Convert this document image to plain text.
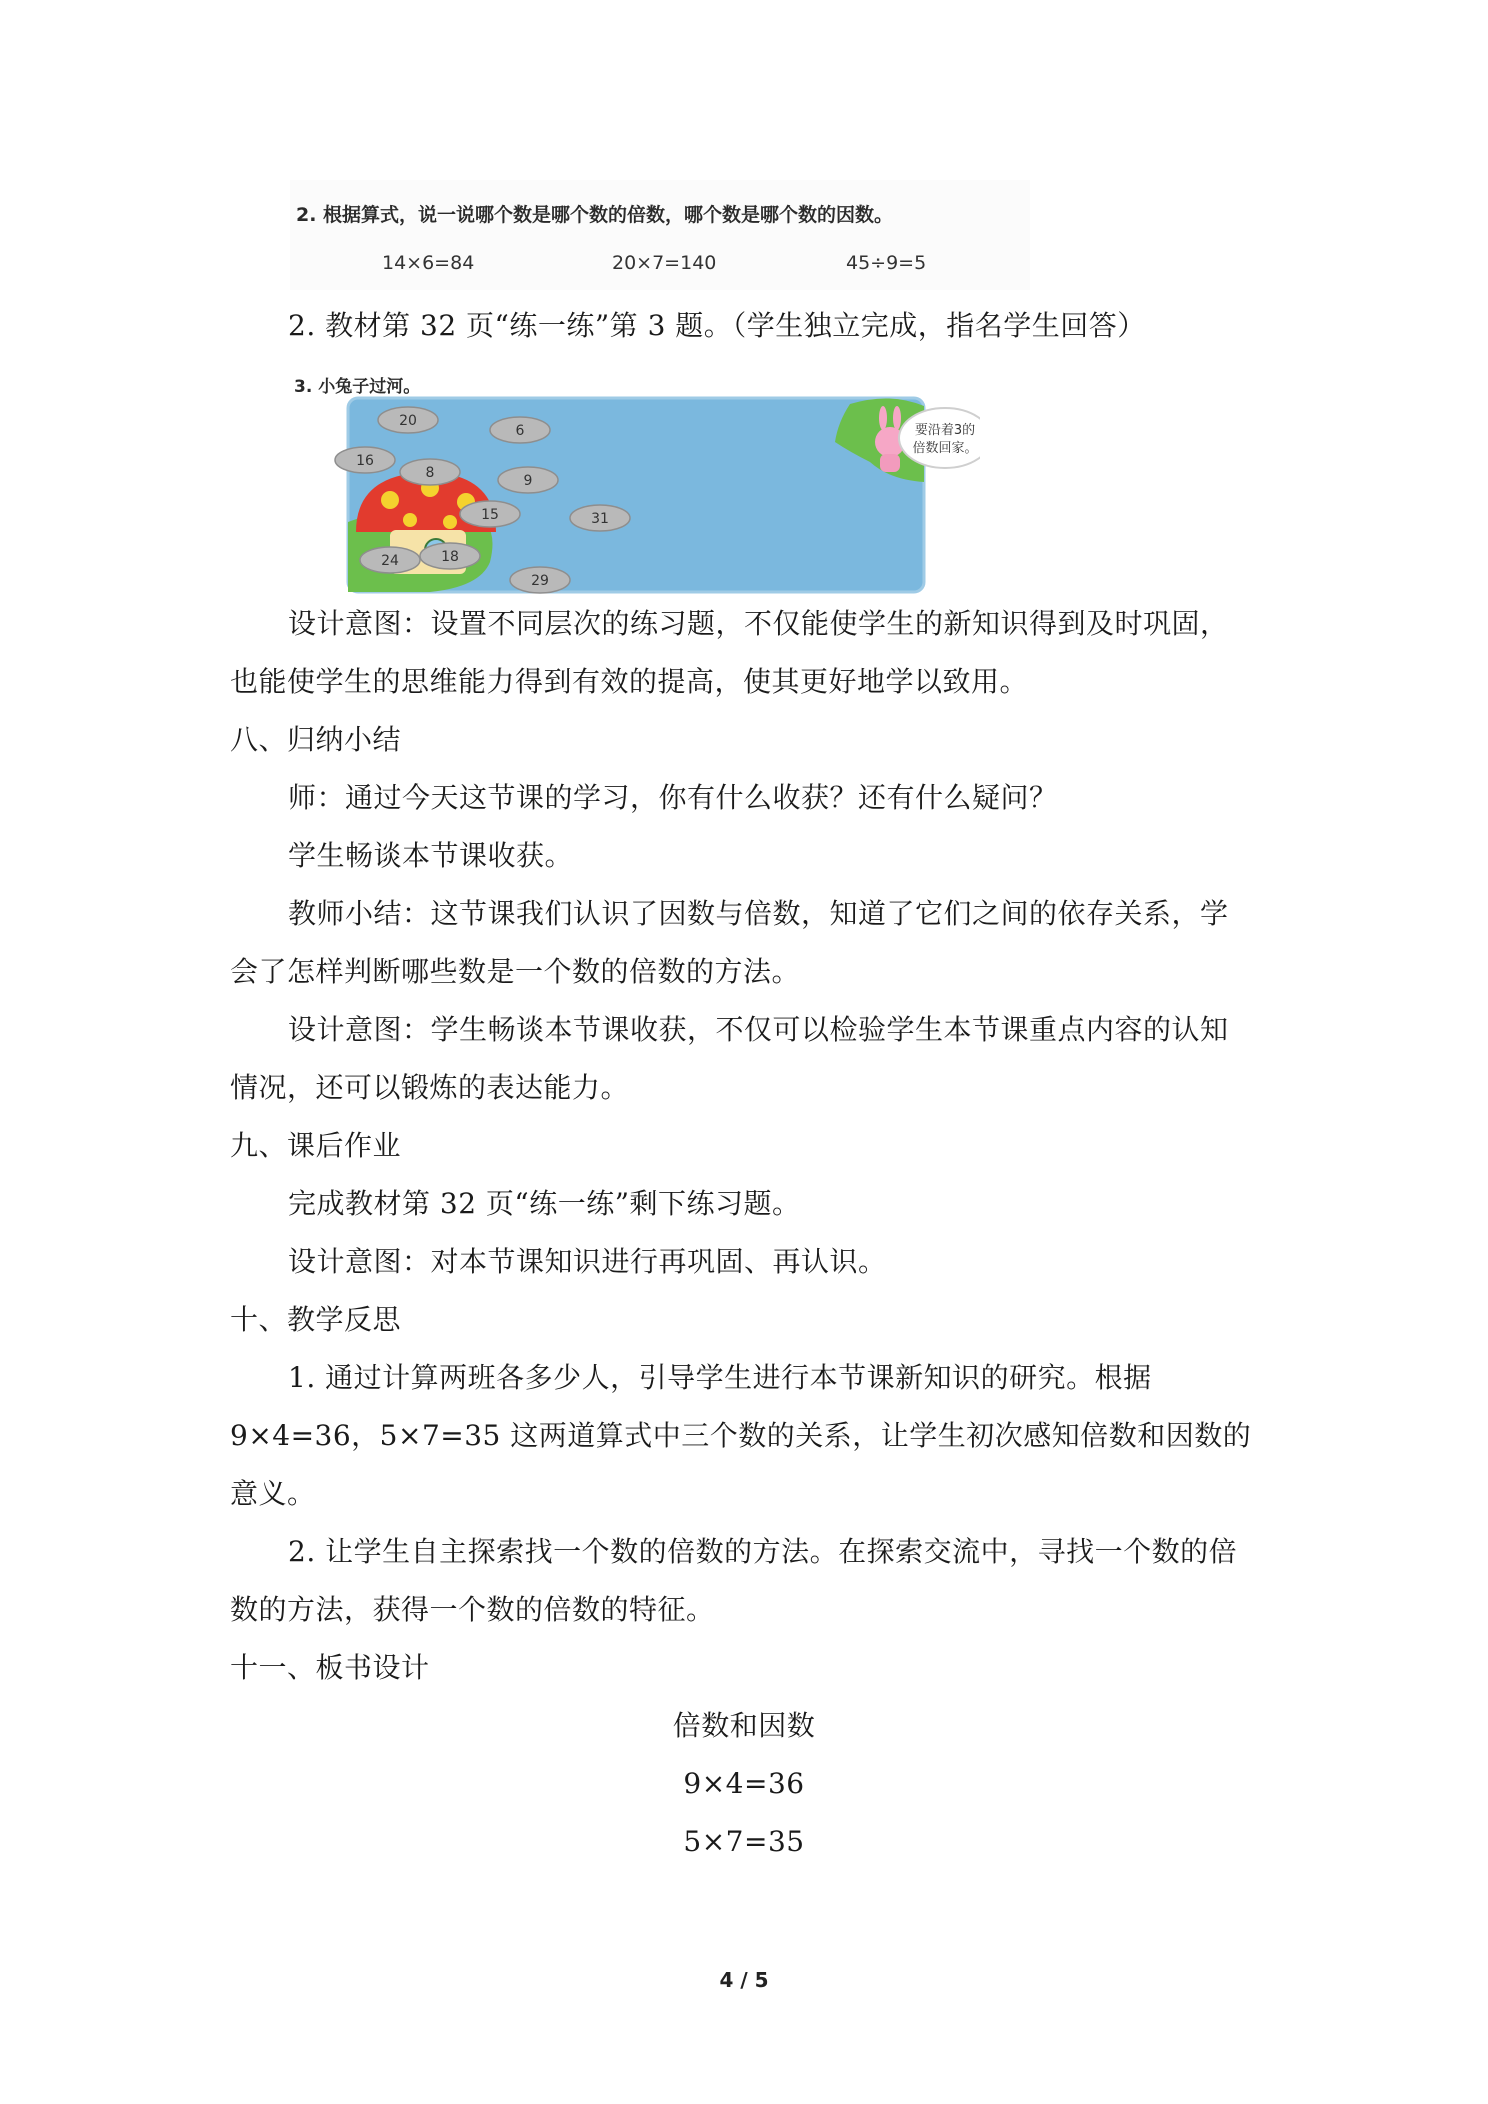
2. 根据算式，说一说哪个数是哪个数的倍数，哪个数是哪个数的因数。
14×6=84	20×7=140	45÷9=5
2. 教材第 32 页“练一练”第 3 题。（学生独立完成，指名学生回答）
20
6
16
8	9
15	31
24	18
29
要沿着3的
倍数回家。
3. 小兔子过河。
设计意图：设置不同层次的练习题，不仅能使学生的新知识得到及时巩固，
也能使学生的思维能力得到有效的提高，使其更好地学以致用。
八、归纳小结
师：通过今天这节课的学习，你有什么收获？还有什么疑问？
学生畅谈本节课收获。
教师小结：这节课我们认识了因数与倍数，知道了它们之间的依存关系，学
会了怎样判断哪些数是一个数的倍数的方法。
设计意图：学生畅谈本节课收获，不仅可以检验学生本节课重点内容的认知
情况，还可以锻炼的表达能力。
九、课后作业
完成教材第 32 页“练一练”剩下练习题。
设计意图：对本节课知识进行再巩固、再认识。
十、教学反思
1. 通过计算两班各多少人，引导学生进行本节课新知识的研究。根据
9×4=36，5×7=35 这两道算式中三个数的关系，让学生初次感知倍数和因数的
意义。
2. 让学生自主探索找一个数的倍数的方法。在探索交流中，寻找一个数的倍
数的方法，获得一个数的倍数的特征。
十一、板书设计
倍数和因数
9×4=36
5×7=35
4 / 5
